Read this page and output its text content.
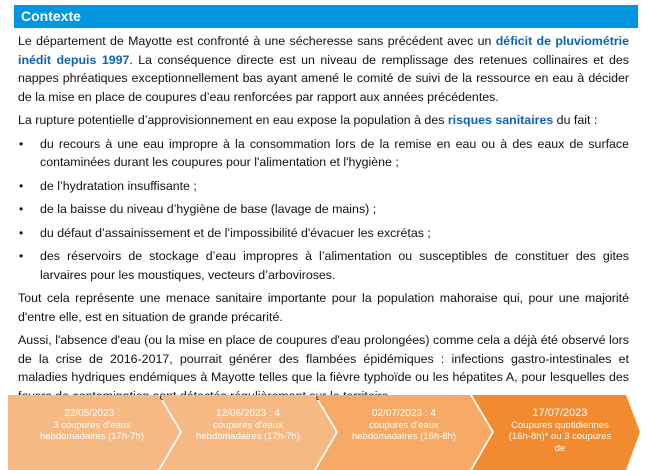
Contexte

Le département de Mayotte est confronté à une sécheresse sans précédent avec un déficit de pluviométrie inédit depuis 1997. La conséquence directe est un niveau de remplissage des retenues collinaires et des nappes phréatiques exceptionnellement bas ayant amené le comité de suivi de la ressource en eau à décider de la mise en place de coupures d’eau renforcées par rapport aux années précédentes.

La rupture potentielle d’approvisionnement en eau expose la population à des risques sanitaires du fait :

• du recours à une eau impropre à la consommation lors de la remise en eau ou à des eaux de surface contaminées durant les coupures pour l'alimentation et l'hygiène ;
• de l’hydratation insuffisante ;
• de la baisse du niveau d’hygiène de base (lavage de mains) ;
• du défaut d’assainissement et de l’impossibilité d'évacuer les excrétas ;
• des réservoirs de stockage d’eau impropres à l’alimentation ou susceptibles de constituer des gites larvaires pour les moustiques, vecteurs d’arboviroses.

Tout cela représente une menace sanitaire importante pour la population mahoraise qui, pour une majorité d'entre elle, est en situation de grande précarité.

Aussi, l'absence d'eau (ou la mise en place de coupures d'eau prolongées) comme cela a déjà été observé lors de la crise de 2016-2017, pourrait générer des flambées épidémiques : infections gastro-intestinales et maladies hydriques endémiques à Mayotte telles que la fièvre typhoïde ou les hépatites A, pour lesquelles des

22/05/2023 :
3 coupures d’eaux hebdomadaires (17h-7h)
12/06/2023 : 4
coupures d’eaux hebdomadaires (17h-7h)
02/07/2023 : 4
coupures d’eaux hebdomadaires (16h-8h)
17/07/2023
Coupures quotidiennes (16h-8h)* ou 3 coupures de
